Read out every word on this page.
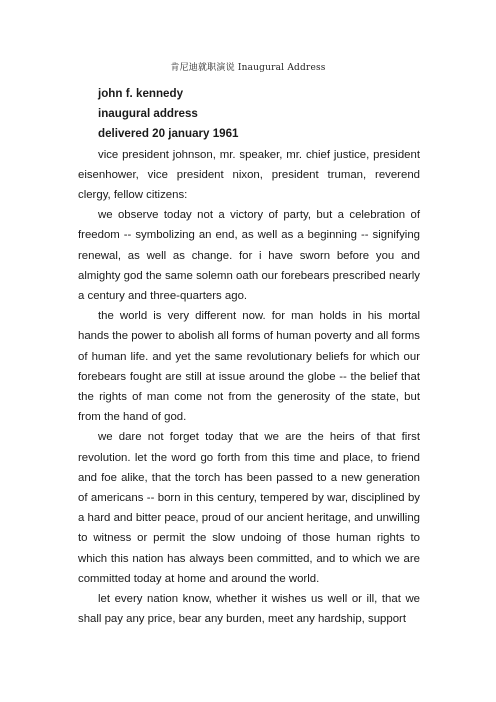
肯尼迪就职演说 Inaugural Address

john f. kennedy

inaugural address

delivered 20 january 1961

vice president johnson, mr. speaker, mr. chief justice, president eisenhower, vice president nixon, president truman, reverend clergy, fellow citizens:

we observe today not a victory of party, but a celebration of freedom -- symbolizing an end, as well as a beginning -- signifying renewal, as well as change. for i have sworn before you and almighty god the same solemn oath our forebears prescribed nearly a century and three-quarters ago.

the world is very different now. for man holds in his mortal hands the power to abolish all forms of human poverty and all forms of human life. and yet the same revolutionary beliefs for which our forebears fought are still at issue around the globe -- the belief that the rights of man come not from the generosity of the state, but from the hand of god.

we dare not forget today that we are the heirs of that first revolution. let the word go forth from this time and place, to friend and foe alike, that the torch has been passed to a new generation of americans -- born in this century, tempered by war, disciplined by a hard and bitter peace, proud of our ancient heritage, and unwilling to witness or permit the slow undoing of those human rights to which this nation has always been committed, and to which we are committed today at home and around the world.

let every nation know, whether it wishes us well or ill, that we shall pay any price, bear any burden, meet any hardship, support
